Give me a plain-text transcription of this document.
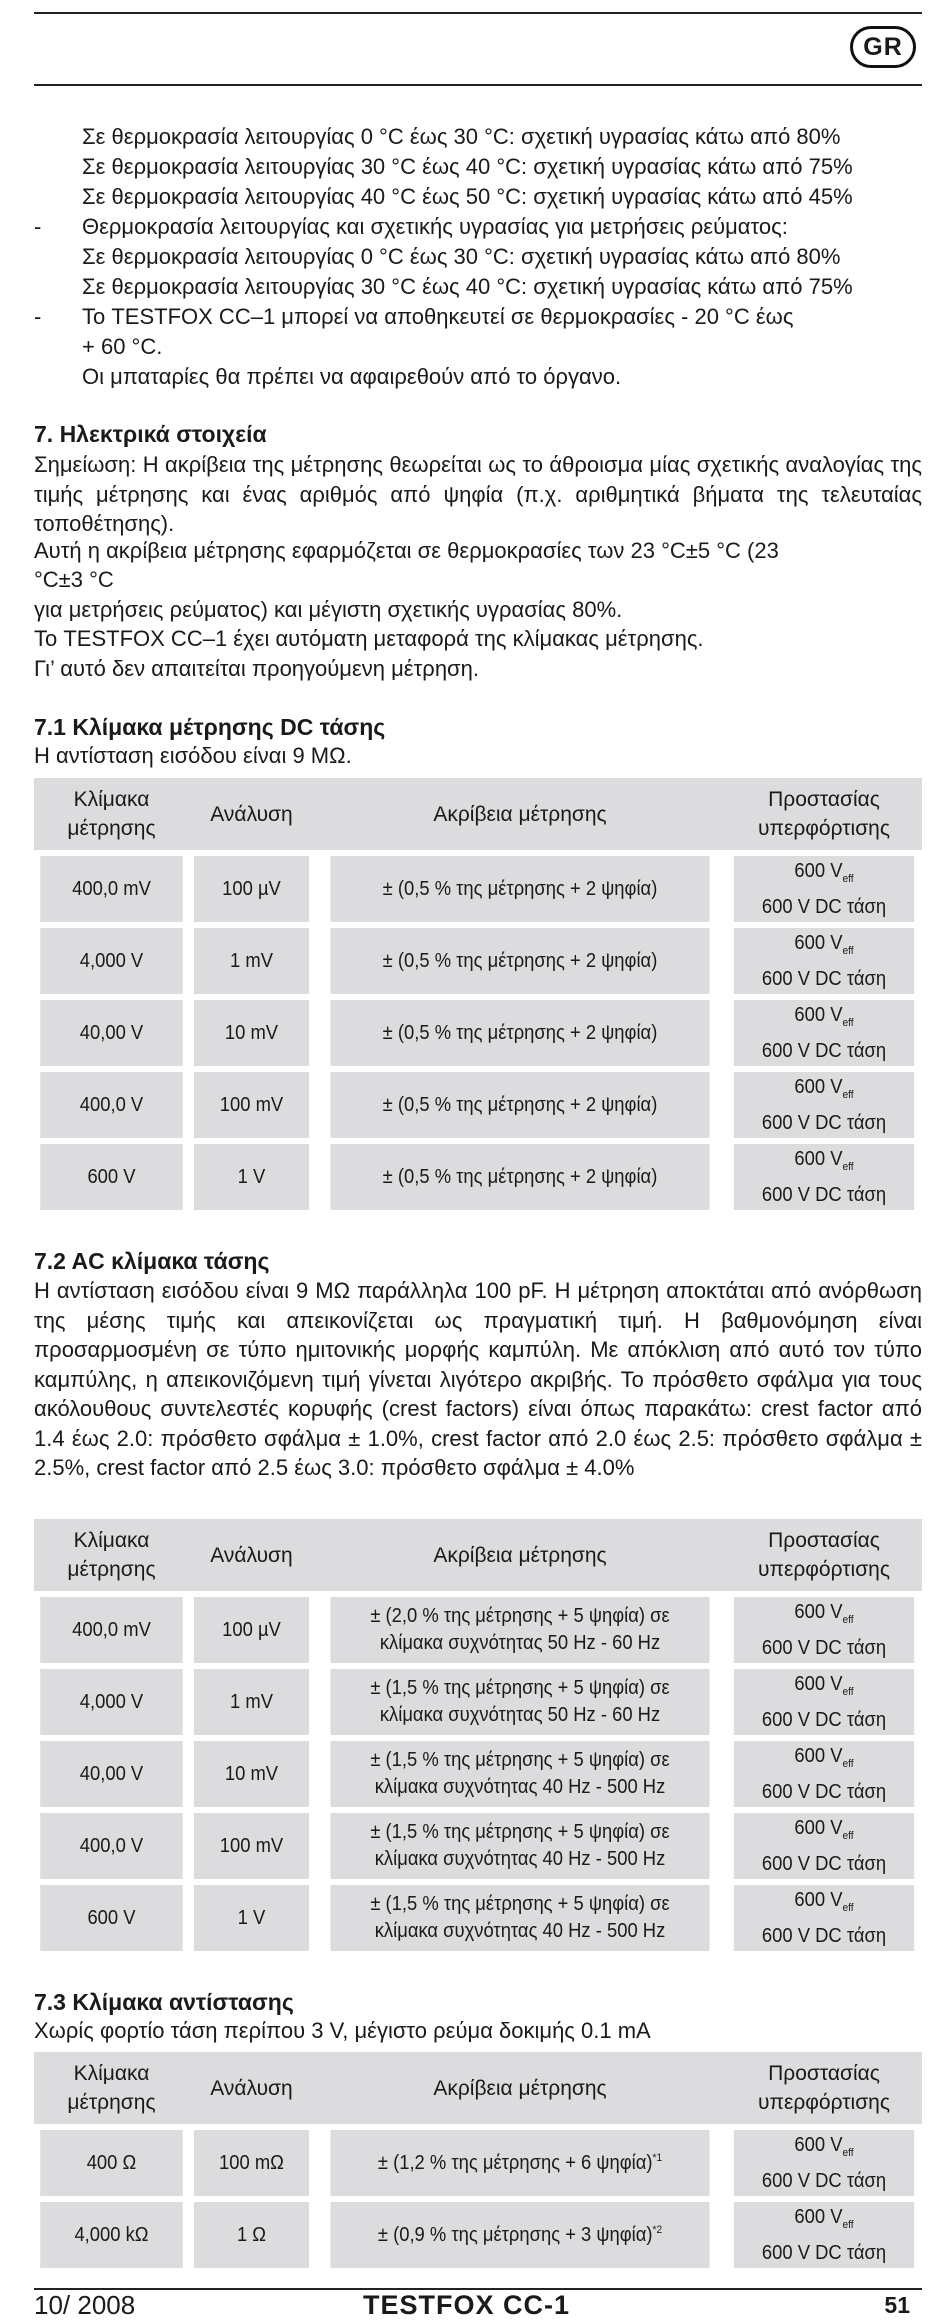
GR
Σε θερμοκρασία λειτουργίας 0 °C έως 30 °C: σχετική υγρασίας κάτω από 80%
Σε θερμοκρασία λειτουργίας 30 °C έως 40 °C: σχετική υγρασίας κάτω από 75%
Σε θερμοκρασία λειτουργίας 40 °C έως 50 °C: σχετική υγρασίας κάτω από 45%
- Θερμοκρασία λειτουργίας και σχετικής υγρασίας για μετρήσεις ρεύματος:
Σε θερμοκρασία λειτουργίας 0 °C έως 30 °C: σχετική υγρασίας κάτω από 80%
Σε θερμοκρασία λειτουργίας 30 °C έως 40 °C: σχετική υγρασίας κάτω από 75%
- Το TESTFOX CC–1 μπορεί να αποθηκευτεί σε θερμοκρασίες - 20 °C έως
+ 60 °C.
Οι μπαταρίες θα πρέπει να αφαιρεθούν από το όργανο.
7. Ηλεκτρικά στοιχεία
Σημείωση: Η ακρίβεια της μέτρησης θεωρείται ως το άθροισμα μίας σχετικής αναλογίας της τιμής μέτρησης και ένας αριθμός από ψηφία (π.χ. αριθμητικά βήματα της τελευταίας τοποθέτησης).
Αυτή η ακρίβεια μέτρησης εφαρμόζεται σε θερμοκρασίες των 23 °C±5 °C (23
°C±3 °C
για μετρήσεις ρεύματος) και μέγιστη σχετικής υγρασίας 80%.
Το TESTFOX CC–1 έχει αυτόματη μεταφορά της κλίμακας μέτρησης.
Γι’ αυτό δεν απαιτείται προηγούμενη μέτρηση.
7.1 Κλίμακα μέτρησης DC τάσης
Η αντίσταση εισόδου είναι 9 MΩ.
Κλίμακα
μέτρησης	Ανάλυση	Ακρίβεια μέτρησης	Προστασίας
υπερφόρτισης
400,0 mV	100 µV	± (0,5 % της μέτρησης + 2 ψηφία)	600 $V_{eff}$
600 V DC τάση
4,000 V	1 mV	± (0,5 % της μέτρησης + 2 ψηφία)	600 $V_{eff}$
600 V DC τάση
40,00 V	10 mV	± (0,5 % της μέτρησης + 2 ψηφία)	600 $V_{eff}$
600 V DC τάση
400,0 V	100 mV	± (0,5 % της μέτρησης + 2 ψηφία)	600 $V_{eff}$
600 V DC τάση
600 V	1 V	± (0,5 % της μέτρησης + 2 ψηφία)	600 $V_{eff}$
600 V DC τάση
7.2 AC κλίμακα τάσης
Η αντίσταση εισόδου είναι 9 MΩ παράλληλα 100 pF. Η μέτρηση αποκτάται από ανόρθωση της μέσης τιμής και απεικονίζεται ως πραγματική τιμή. Η βαθμονόμηση είναι προσαρμοσμένη σε τύπο ημιτονικής μορφής καμπύλη. Με απόκλιση από αυτό τον τύπο καμπύλης, η απεικονιζόμενη τιμή γίνεται λιγότερο ακριβής. Το πρόσθετο σφάλμα για τους ακόλουθους συντελεστές κορυφής (crest factors) είναι όπως παρακάτω: crest factor από 1.4 έως 2.0: πρόσθετο σφάλμα ± 1.0%, crest factor από 2.0 έως 2.5: πρόσθετο σφάλμα ± 2.5%, crest factor από 2.5 έως 3.0: πρόσθετο σφάλμα ± 4.0%
Κλίμακα
μέτρησης	Ανάλυση	Ακρίβεια μέτρησης	Προστασίας
υπερφόρτισης
400,0 mV	100 µV	± (2,0 % της μέτρησης + 5 ψηφία) σε
κλίμακα συχνότητας 50 Hz - 60 Hz	600 $V_{eff}$
600 V DC τάση
4,000 V	1 mV	± (1,5 % της μέτρησης + 5 ψηφία) σε
κλίμακα συχνότητας 50 Hz - 60 Hz	600 $V_{eff}$
600 V DC τάση
40,00 V	10 mV	± (1,5 % της μέτρησης + 5 ψηφία) σε
κλίμακα συχνότητας 40 Hz - 500 Hz	600 $V_{eff}$
600 V DC τάση
400,0 V	100 mV	± (1,5 % της μέτρησης + 5 ψηφία) σε
κλίμακα συχνότητας 40 Hz - 500 Hz	600 $V_{eff}$
600 V DC τάση
600 V	1 V	± (1,5 % της μέτρησης + 5 ψηφία) σε
κλίμακα συχνότητας 40 Hz - 500 Hz	600 $V_{eff}$
600 V DC τάση
7.3 Κλίμακα αντίστασης
Χωρίς φορτίο τάση περίπου 3 V, μέγιστο ρεύμα δοκιμής 0.1 mA
Κλίμακα
μέτρησης	Ανάλυση	Ακρίβεια μέτρησης	Προστασίας
υπερφόρτισης
400 Ω	100 mΩ	± (1,2 % της μέτρησης + 6 ψηφία)$^{*1}$	600 $V_{eff}$
600 V DC τάση
4,000 kΩ	1 Ω	± (0,9 % της μέτρησης + 3 ψηφία)$^{*2}$	600 $V_{eff}$
600 V DC τάση
10/ 2008	TESTFOX CC-1	51
